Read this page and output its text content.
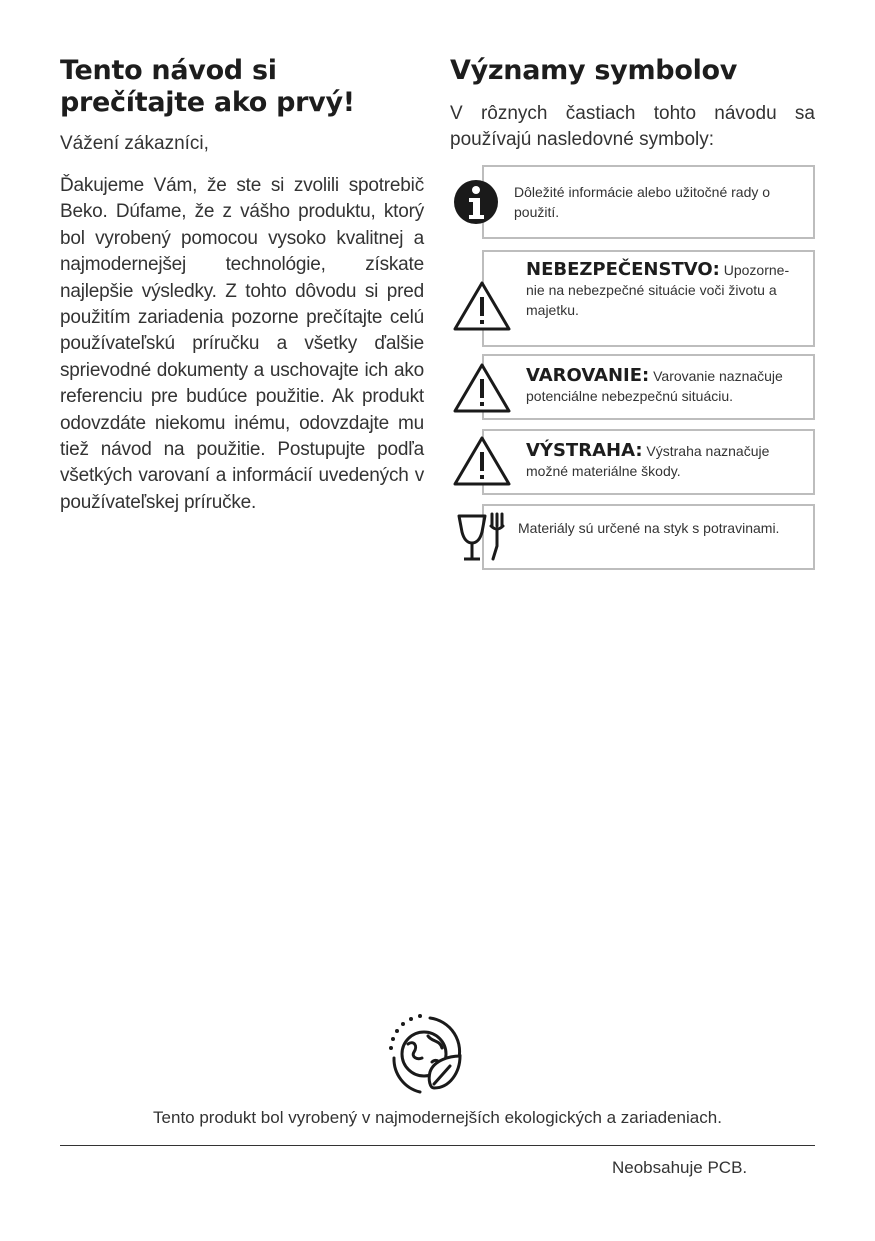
Tento návod si prečítajte ako prvý!

Vážení zákazníci,

Ďakujeme Vám, že ste si zvolili spotrebič Beko. Dúfame, že z vášho produktu, ktorý bol vyrobený pomocou vysoko kvalitnej a najmodernejšej technológie, získate najlepšie výsledky. Z tohto dôvodu si pred použitím zariadenia pozorne prečítajte celú používateľskú príručku a všetky ďalšie sprievodné dokumenty a uschovajte ich ako referenciu pre budúce použitie. Ak produkt odovzdáte niekomu inému, odovzdajte mu tiež návod na použitie. Postupujte podľa všetkých varovaní a informácií uvedených v používateľskej príručke.

Významy symbolov

V rôznych častiach tohto návodu sa používajú nasledovné symboly:

Dôležité informácie alebo užitočné rady o použití.
NEBEZPEČENSTVO: Upozornenie na nebezpečné situácie voči životu a majetku.
VAROVANIE: Varovanie naznačuje potenciálne nebezpečnú situáciu.
VÝSTRAHA: Výstraha naznačuje možné materiálne škody.
Materiály sú určené na styk s potravinami.
Tento produkt bol vyrobený v najmodernejších ekologických a zariadeniach.
Neobsahuje PCB.
